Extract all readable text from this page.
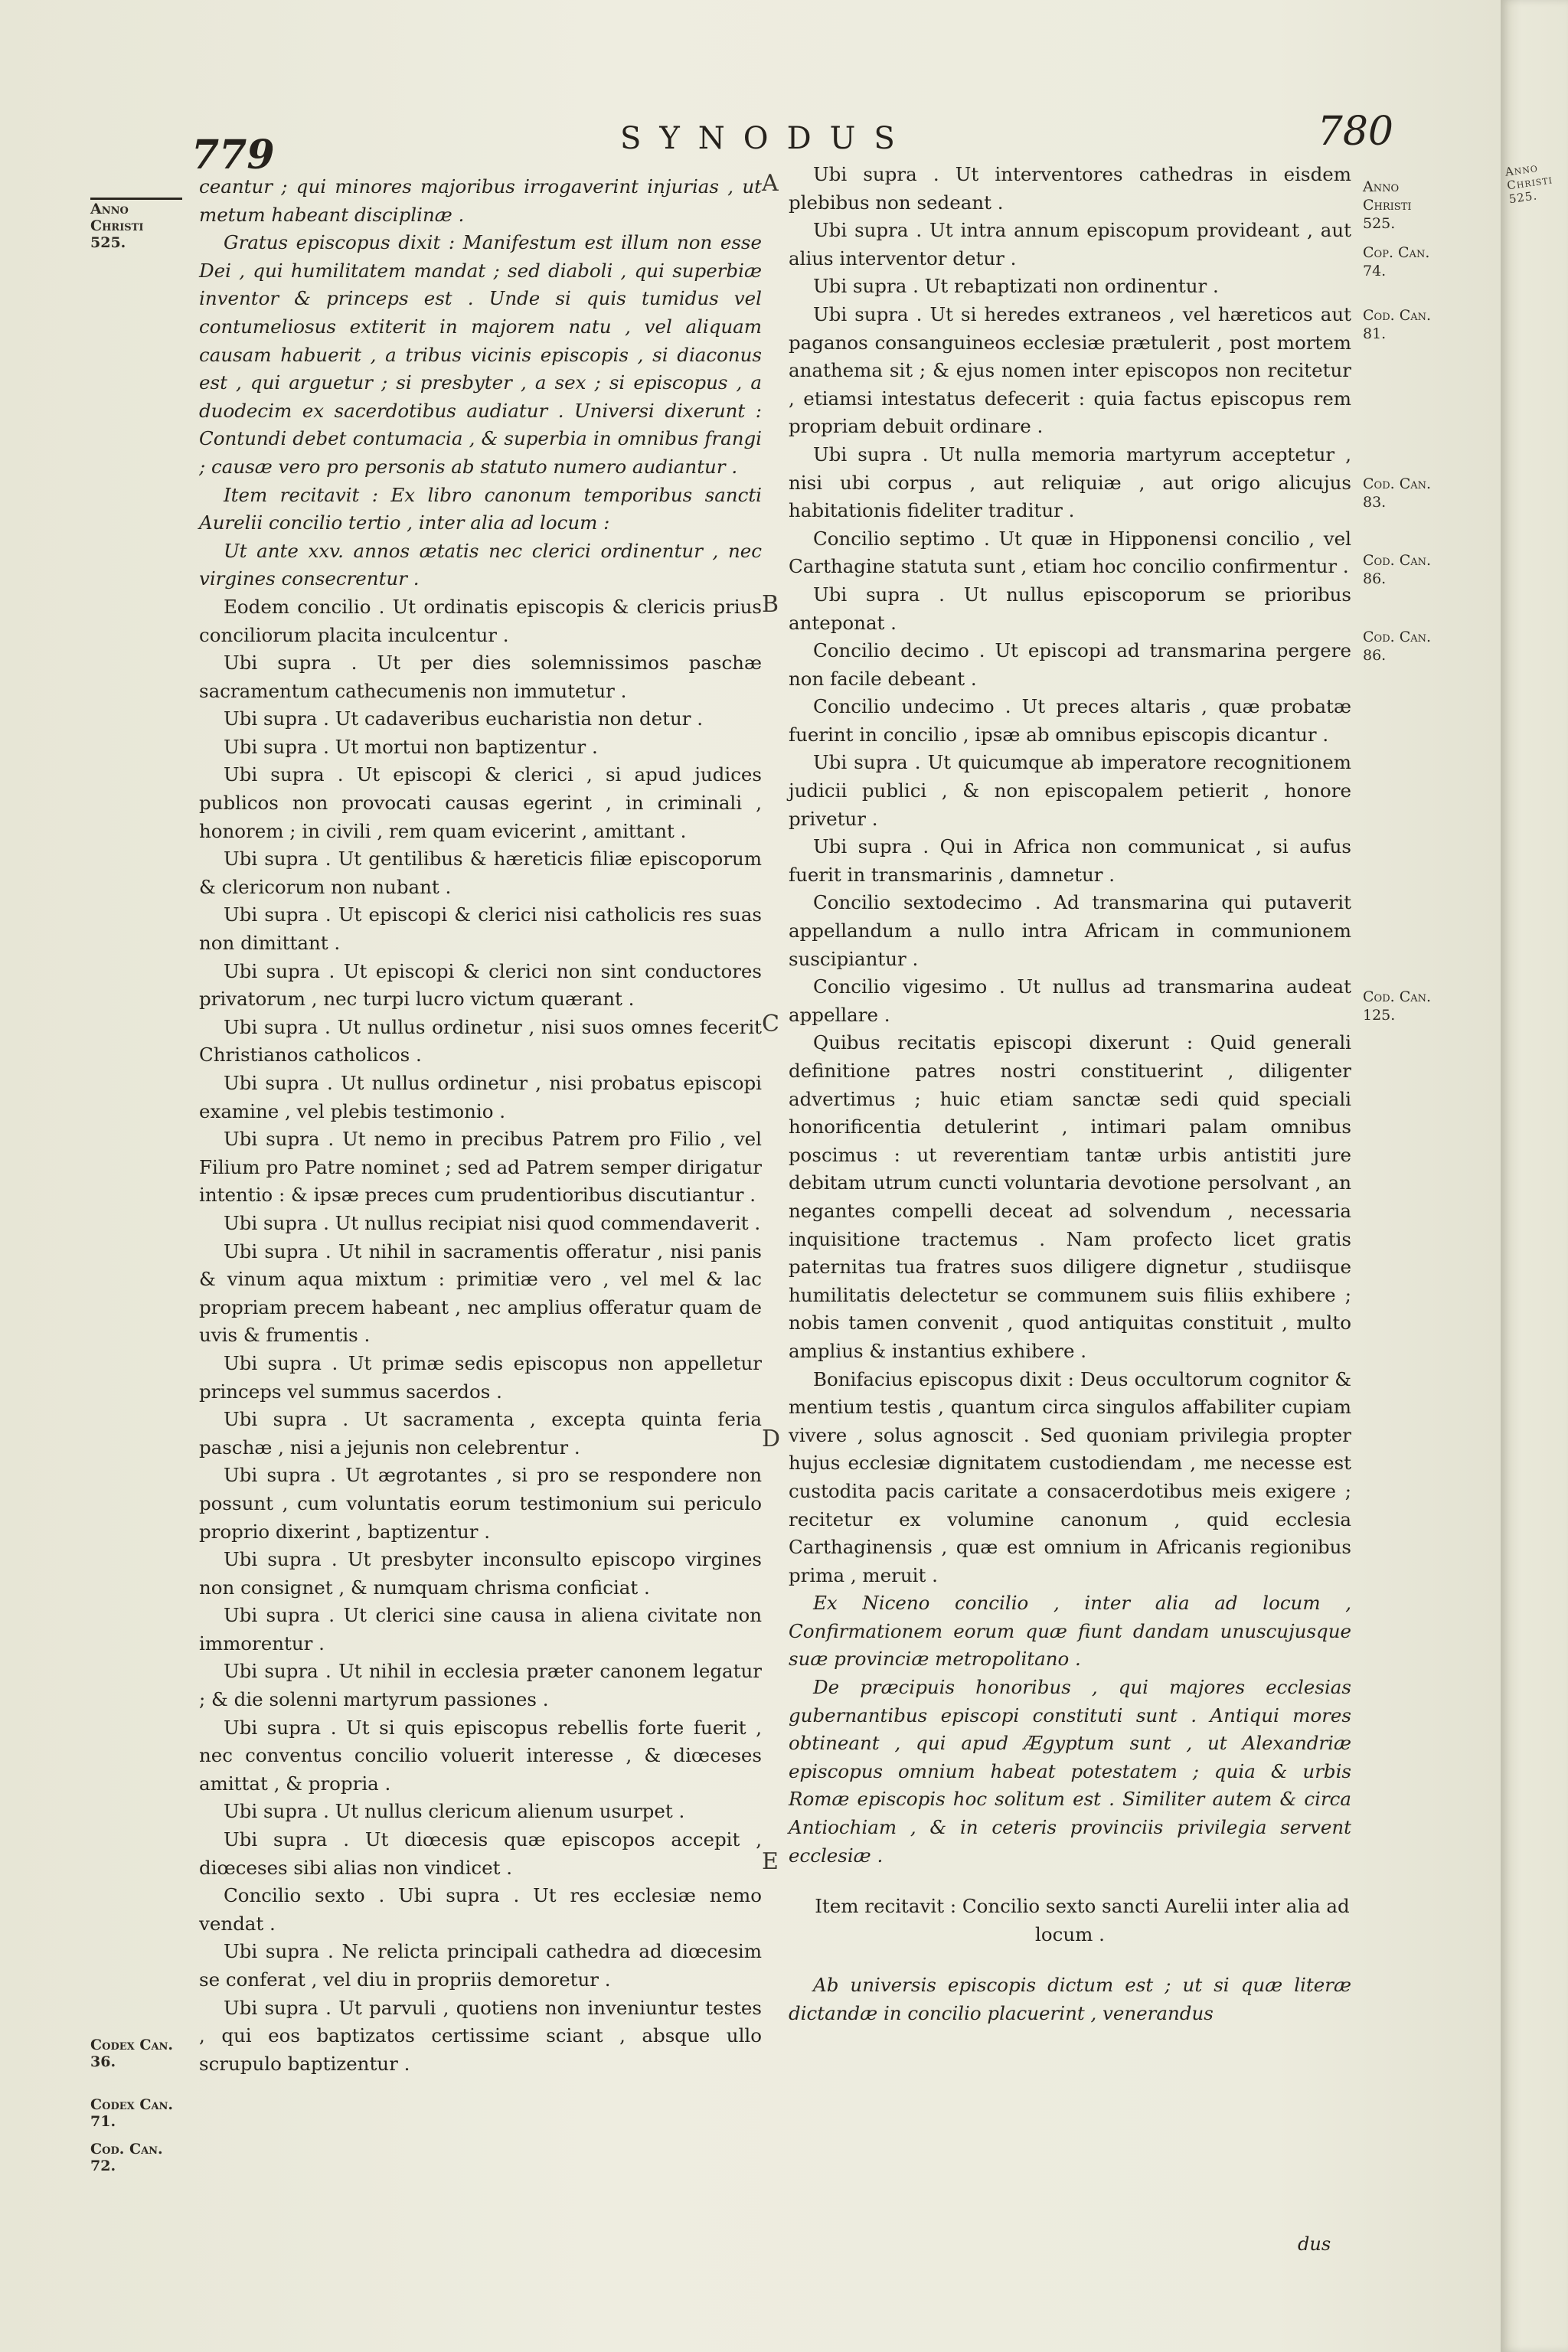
779	SYNODUS	780
Anno
Christi
525.
Codex Can. 36.
Codex Can. 71.
Cod. Can. 72.
Anno
Christi
525.
Cop. Can. 74.
Cod. Can. 81.
Cod. Can. 83.
Cod. Can. 86.
Cod. Can. 86.
Cod. Can. 125.
A
B
C
D
E

ceantur ; qui minores majoribus irrogaverint injurias , ut metum habeant disciplinæ .

Gratus episcopus dixit : Manifestum est illum non esse Dei , qui humilitatem mandat ; sed diaboli , qui superbiæ inventor & princeps est . Unde si quis tumidus vel contumeliosus extiterit in majorem natu , vel aliquam causam habuerit , a tribus vicinis episcopis , si diaconus est , qui arguetur ; si presbyter , a sex ; si episcopus , a duodecim ex sacerdotibus audiatur . Universi dixerunt : Contundi debet contumacia , & superbia in omnibus frangi ; causæ vero pro personis ab statuto numero audiantur .

Item recitavit : Ex libro canonum temporibus sancti Aurelii concilio tertio , inter alia ad locum :

Ut ante xxv. annos ætatis nec clerici ordinentur , nec virgines consecrentur .

Eodem concilio . Ut ordinatis episcopis & clericis prius conciliorum placita inculcentur .

Ubi supra . Ut per dies solemnissimos paschæ sacramentum cathecumenis non immutetur .

Ubi supra . Ut cadaveribus eucharistia non detur .

Ubi supra . Ut mortui non baptizentur .

Ubi supra . Ut episcopi & clerici , si apud judices publicos non provocati causas egerint , in criminali , honorem ; in civili , rem quam evicerint , amittant .

Ubi supra . Ut gentilibus & hæreticis filiæ episcoporum & clericorum non nubant .

Ubi supra . Ut episcopi & clerici nisi catholicis res suas non dimittant .

Ubi supra . Ut episcopi & clerici non sint conductores privatorum , nec turpi lucro victum quærant .

Ubi supra . Ut nullus ordinetur , nisi suos omnes fecerit Christianos catholicos .

Ubi supra . Ut nullus ordinetur , nisi probatus episcopi examine , vel plebis testimonio .

Ubi supra . Ut nemo in precibus Patrem pro Filio , vel Filium pro Patre nominet ; sed ad Patrem semper dirigatur intentio : & ipsæ preces cum prudentioribus discutiantur .

Ubi supra . Ut nullus recipiat nisi quod commendaverit .

Ubi supra . Ut nihil in sacramentis offeratur , nisi panis & vinum aqua mixtum : primitiæ vero , vel mel & lac propriam precem habeant , nec amplius offeratur quam de uvis & frumentis .

Ubi supra . Ut primæ sedis episcopus non appelletur princeps vel summus sacerdos .

Ubi supra . Ut sacramenta , excepta quinta feria paschæ , nisi a jejunis non celebrentur .

Ubi supra . Ut ægrotantes , si pro se respondere non possunt , cum voluntatis eorum testimonium sui periculo proprio dixerint , baptizentur .

Ubi supra . Ut presbyter inconsulto episcopo virgines non consignet , & numquam chrisma conficiat .

Ubi supra . Ut clerici sine causa in aliena civitate non immorentur .

Ubi supra . Ut nihil in ecclesia præter canonem legatur ; & die solenni martyrum passiones .

Ubi supra . Ut si quis episcopus rebellis forte fuerit , nec conventus concilio voluerit interesse , & diœceses amittat , & propria .

Ubi supra . Ut nullus clericum alienum usurpet .

Ubi supra . Ut diœcesis quæ episcopos accepit , diœceses sibi alias non vindicet .

Concilio sexto . Ubi supra . Ut res ecclesiæ nemo vendat .

Ubi supra . Ne relicta principali cathedra ad diœcesim se conferat , vel diu in propriis demoretur .

Ubi supra . Ut parvuli , quotiens non inveniuntur testes , qui eos baptizatos certissime sciant , absque ullo scrupulo baptizentur .

Ubi supra . Ut interventores cathedras in eisdem plebibus non sedeant .

Ubi supra . Ut intra annum episcopum provideant , aut alius interventor detur .

Ubi supra . Ut rebaptizati non ordinentur .

Ubi supra . Ut si heredes extraneos , vel hæreticos aut paganos consanguineos ecclesiæ prætulerit , post mortem anathema sit ; & ejus nomen inter episcopos non recitetur , etiamsi intestatus defecerit : quia factus episcopus rem propriam debuit ordinare .

Ubi supra . Ut nulla memoria martyrum acceptetur , nisi ubi corpus , aut reliquiæ , aut origo alicujus habitationis fideliter traditur .

Concilio septimo . Ut quæ in Hipponensi concilio , vel Carthagine statuta sunt , etiam hoc concilio confirmentur .

Ubi supra . Ut nullus episcoporum se prioribus anteponat .

Concilio decimo . Ut episcopi ad transmarina pergere non facile debeant .

Concilio undecimo . Ut preces altaris , quæ probatæ fuerint in concilio , ipsæ ab omnibus episcopis dicantur .

Ubi supra . Ut quicumque ab imperatore recognitionem judicii publici , & non episcopalem petierit , honore privetur .

Ubi supra . Qui in Africa non communicat , si aufus fuerit in transmarinis , damnetur .

Concilio sextodecimo . Ad transmarina qui putaverit appellandum a nullo intra Africam in communionem suscipiantur .

Concilio vigesimo . Ut nullus ad transmarina audeat appellare .

Quibus recitatis episcopi dixerunt : Quid generali definitione patres nostri constituerint , diligenter advertimus ; huic etiam sanctæ sedi quid speciali honorificentia detulerint , intimari palam omnibus poscimus : ut reverentiam tantæ urbis antistiti jure debitam utrum cuncti voluntaria devotione persolvant , an negantes compelli deceat ad solvendum , necessaria inquisitione tractemus . Nam profecto licet gratis paternitas tua fratres suos diligere dignetur , studiisque humilitatis delectetur se communem suis filiis exhibere ; nobis tamen convenit , quod antiquitas constituit , multo amplius & instantius exhibere .

Bonifacius episcopus dixit : Deus occultorum cognitor & mentium testis , quantum circa singulos affabiliter cupiam vivere , solus agnoscit . Sed quoniam privilegia propter hujus ecclesiæ dignitatem custodiendam , me necesse est custodita pacis caritate a consacerdotibus meis exigere ; recitetur ex volumine canonum , quid ecclesia Carthaginensis , quæ est omnium in Africanis regionibus prima , meruit .

Ex Niceno concilio , inter alia ad locum , Confirmationem eorum quæ fiunt dandam unuscujusque suæ provinciæ metropolitano .

De præcipuis honoribus , qui majores ecclesias gubernantibus episcopi constituti sunt . Antiqui mores obtineant , qui apud Ægyptum sunt , ut Alexandriæ episcopus omnium habeat potestatem ; quia & urbis Romæ episcopis hoc solitum est . Similiter autem & circa Antiochiam , & in ceteris provinciis privilegia servent ecclesiæ .

Item recitavit : Concilio sexto sancti Aurelii inter alia ad locum .

Ab universis episcopis dictum est ; ut si quæ literæ dictandæ in concilio placuerint , venerandus

dus
Anno Christi 525.
